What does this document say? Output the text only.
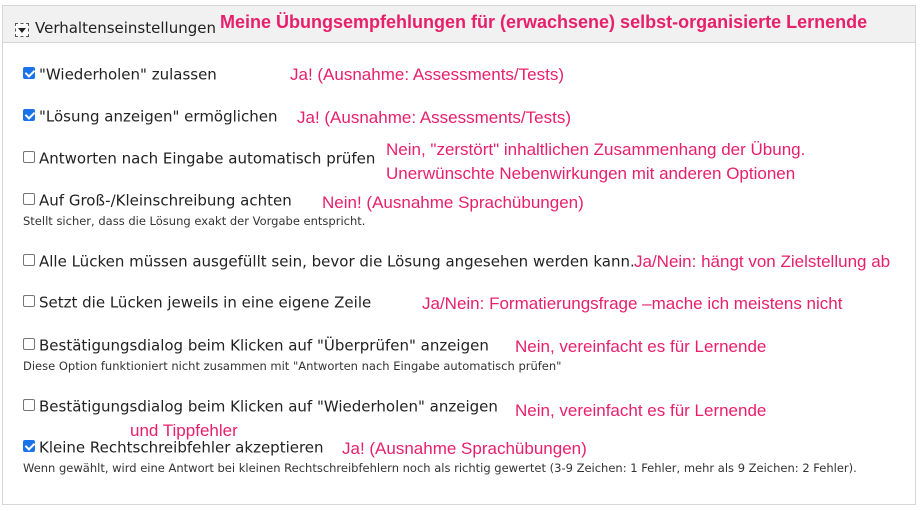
Verhaltenseinstellungen Meine Übungsempfehlungen für (erwachsene) selbst-organisierte Lernende
"Wiederholen" zulassen	Ja! (Ausnahme: Assessments/Tests)
"Lösung anzeigen" ermöglichen Ja! (Ausnahme: Assessments/Tests)
Antworten nach Eingabe automatisch prüfen Nein, "zerstört" inhaltlichen Zusammenhang der Übung.
Unerwünschte Nebenwirkungen mit anderen Optionen
Auf Groß-/Kleinschreibung achten Nein! (Ausnahme Sprachübungen)
Stellt sicher, dass die Lösung exakt der Vorgabe entspricht.
Alle Lücken müssen ausgefüllt sein, bevor die Lösung angesehen werden kann. Ja/Nein: hängt von Zielstellung ab
Setzt die Lücken jeweils in eine eigene Zeile	Ja/Nein: Formatierungsfrage –mache ich meistens nicht
Bestätigungsdialog beim Klicken auf "Überprüfen" anzeigen Nein, vereinfacht es für Lernende
Diese Option funktioniert nicht zusammen mit "Antworten nach Eingabe automatisch prüfen"
Bestätigungsdialog beim Klicken auf "Wiederholen" anzeigen Nein, vereinfacht es für Lernende
und Tippfehler
Kleine Rechtschreibfehler akzeptieren Ja! (Ausnahme Sprachübungen)
Wenn gewählt, wird eine Antwort bei kleinen Rechtschreibfehlern noch als richtig gewertet (3-9 Zeichen: 1 Fehler, mehr als 9 Zeichen: 2 Fehler).
